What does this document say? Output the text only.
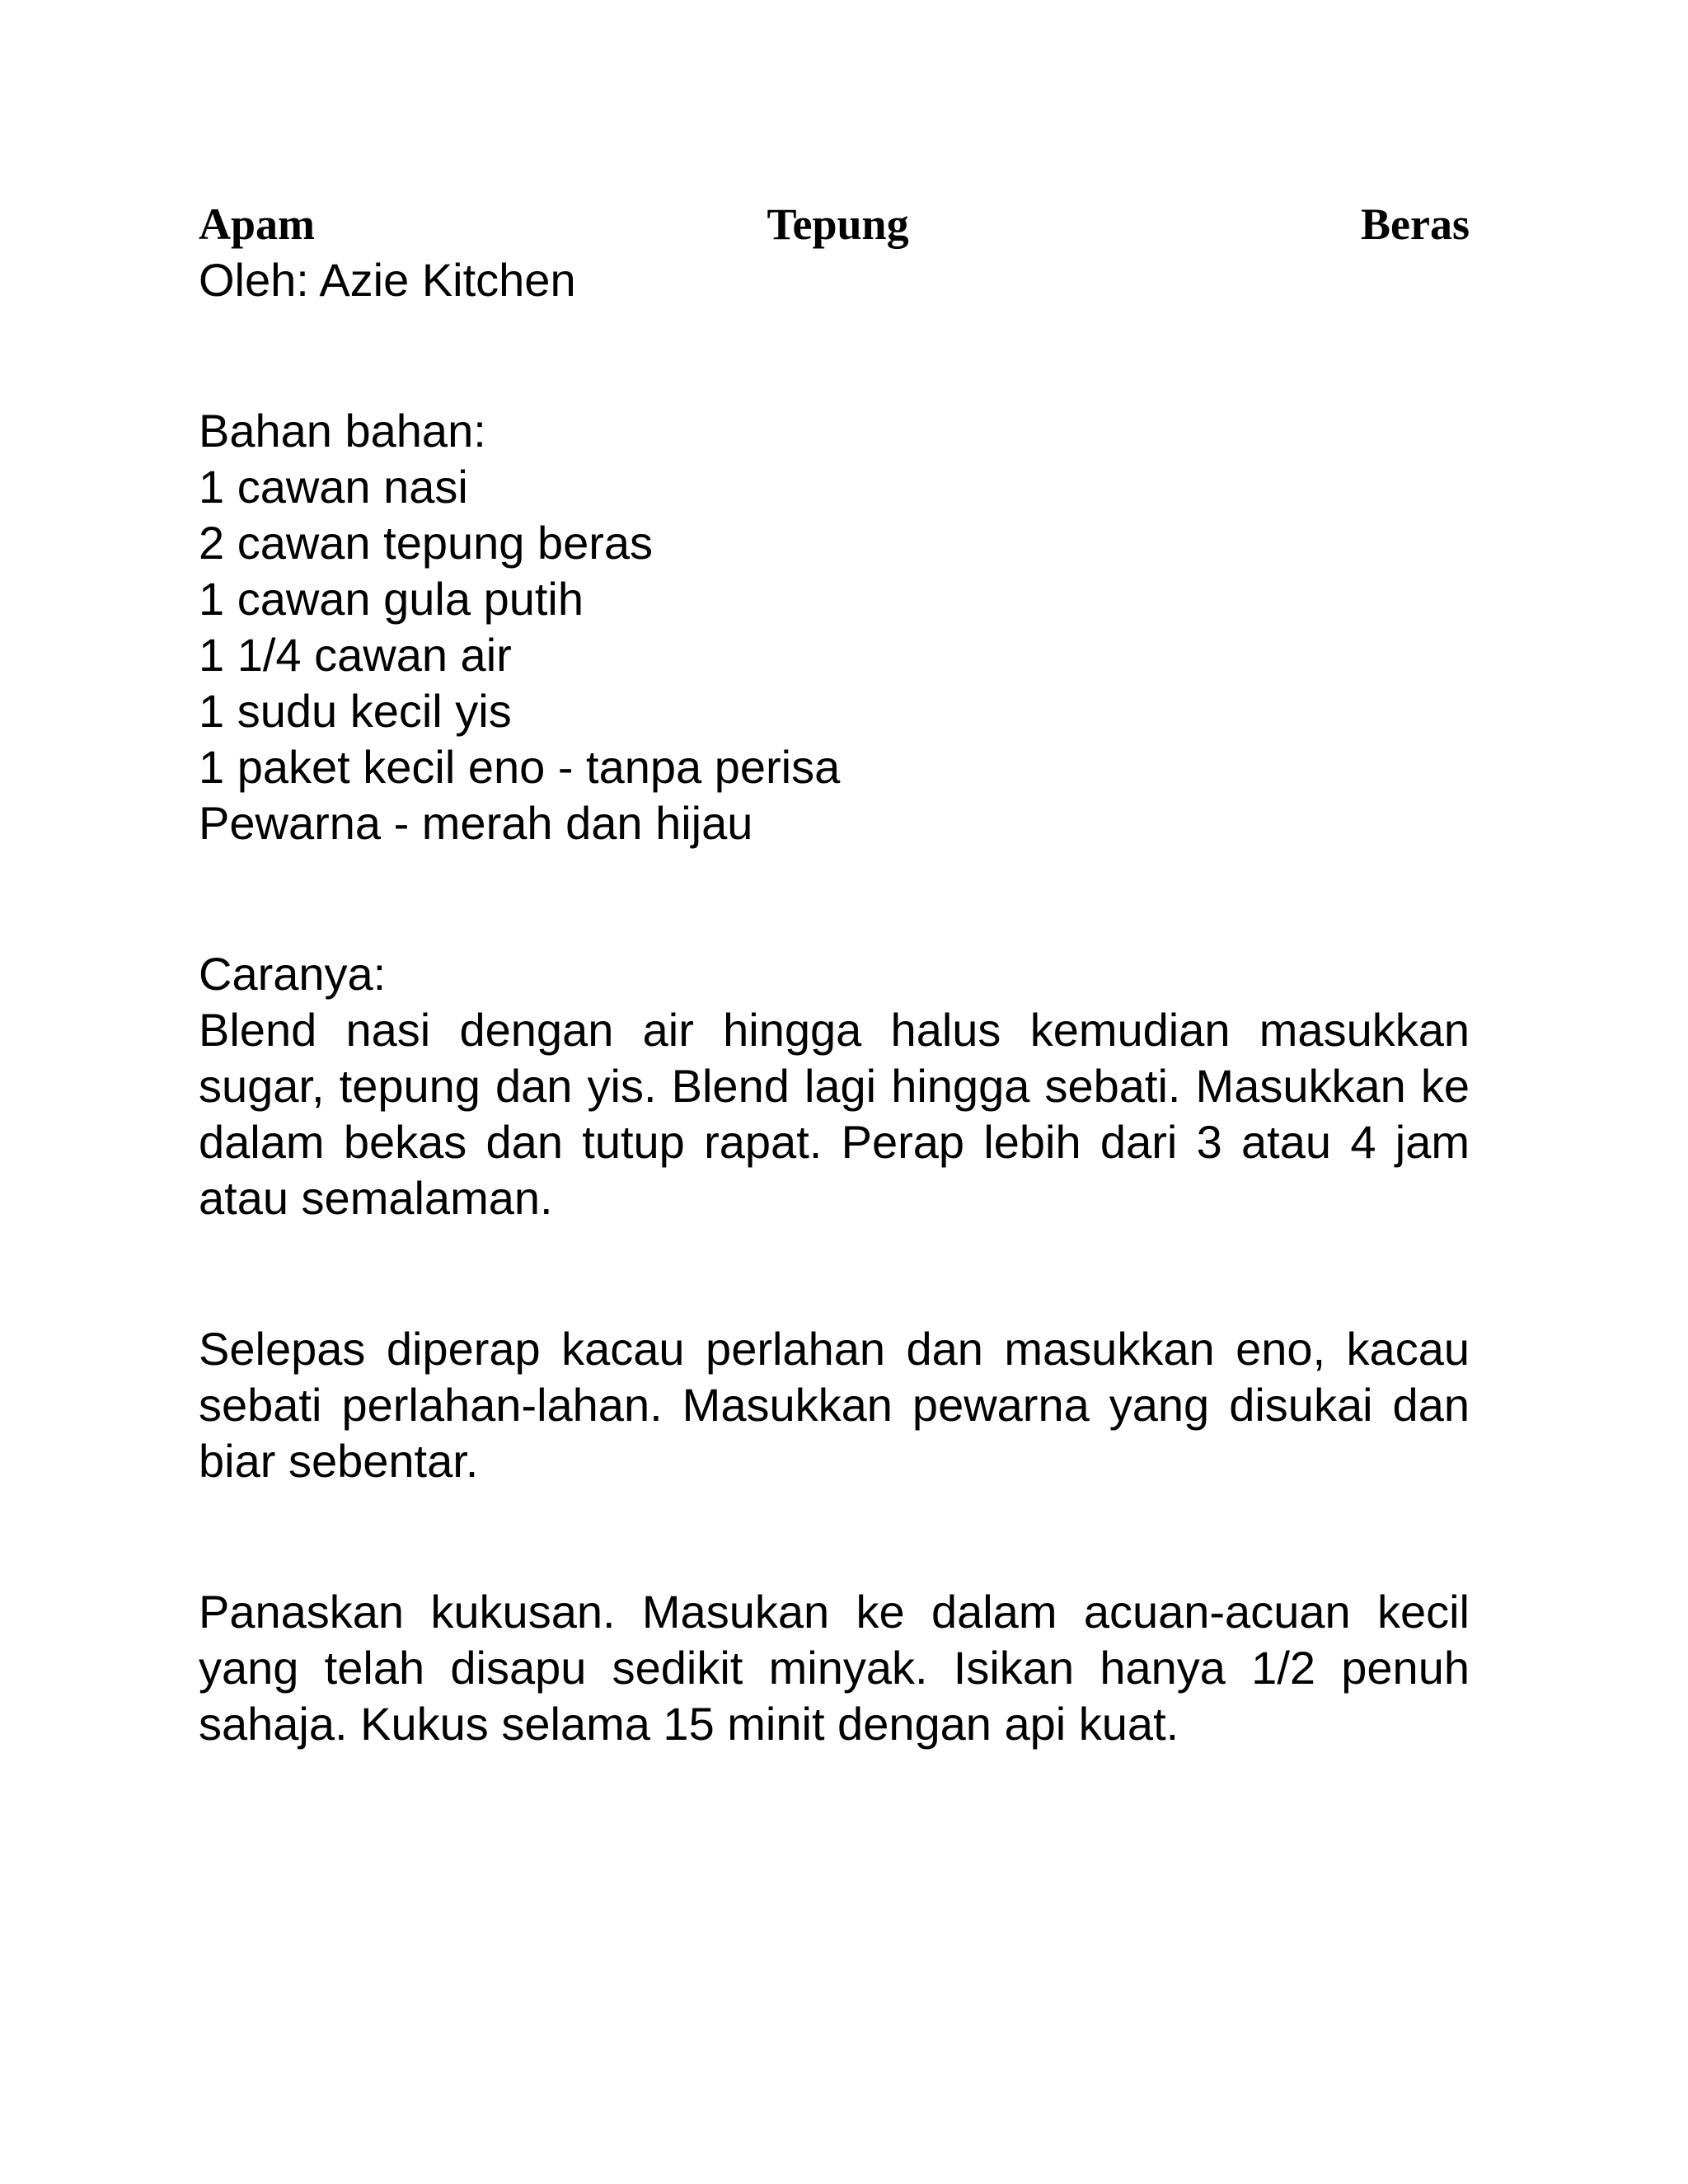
Apam	Tepung	Beras
Oleh: Azie Kitchen
Bahan bahan:
1 cawan nasi
2 cawan tepung beras
1 cawan gula putih
1 1/4 cawan air
1 sudu kecil yis
1 paket kecil eno - tanpa perisa
Pewarna - merah dan hijau
Caranya:

Blend nasi dengan air hingga halus kemudian masukkan sugar, tepung dan yis. Blend lagi hingga sebati. Masukkan ke dalam bekas dan tutup rapat. Perap lebih dari 3 atau 4 jam atau semalaman.

Selepas diperap kacau perlahan dan masukkan eno, kacau sebati perlahan-lahan. Masukkan pewarna yang disukai dan biar sebentar.

Panaskan kukusan. Masukan ke dalam acuan-acuan kecil yang telah disapu sedikit minyak. Isikan hanya 1/2 penuh sahaja. Kukus selama 15 minit dengan api kuat.
